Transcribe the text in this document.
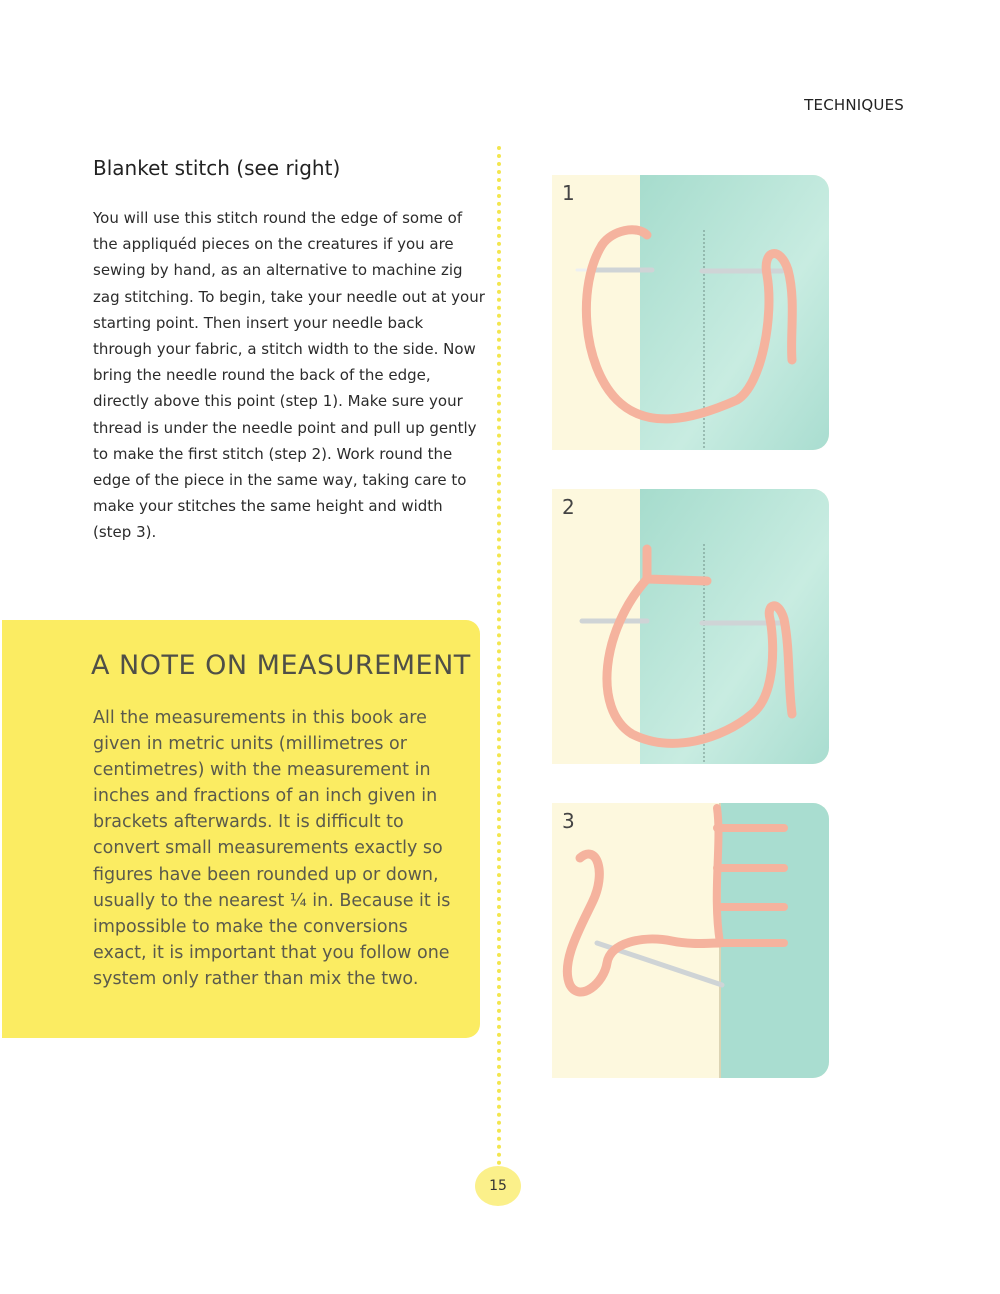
TECHNIQUES
Blanket stitch (see right)

You will use this stitch round the edge of some of the appliquéd pieces on the creatures if you are sewing by hand, as an alternative to machine zig zag stitching. To begin, take your needle out at your starting point. Then insert your needle back through your fabric, a stitch width to the side. Now bring the needle round the back of the edge, directly above this point (step 1). Make sure your thread is under the needle point and pull up gently to make the first stitch (step 2). Work round the edge of the piece in the same way, taking care to make your stitches the same height and width (step 3).

A NOTE ON MEASUREMENT

All the measurements in this book are given in metric units (millimetres or centimetres) with the measurement in inches and fractions of an inch given in brackets afterwards. It is difficult to convert small measurements exactly so figures have been rounded up or down, usually to the nearest ¼ in. Because it is impossible to make the conversions exact, it is important that you follow one system only rather than mix the two.

1
2
3
15
